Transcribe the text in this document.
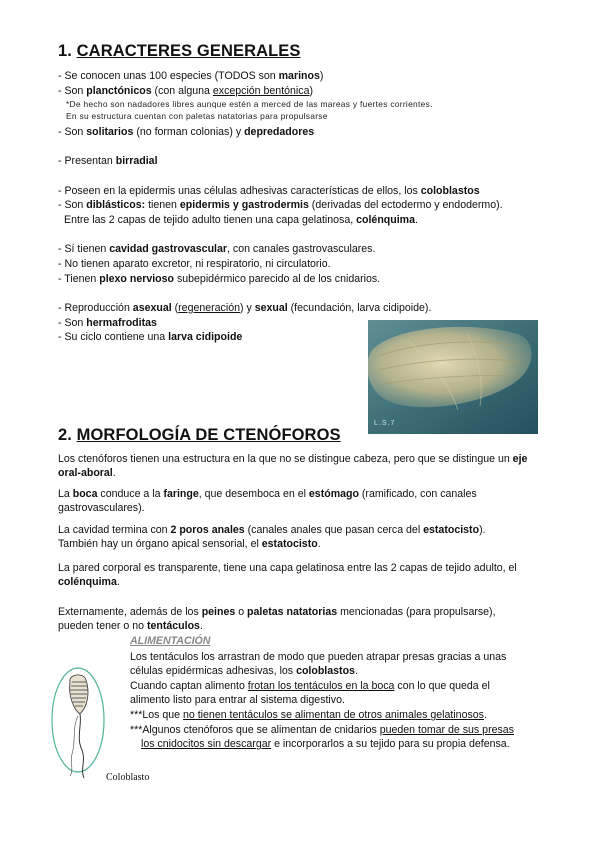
1. CARACTERES GENERALES
- Se conocen unas 100 especies (TODOS son marinos)
- Son planctónicos (con alguna excepción bentónica)
*De hecho son nadadores libres aunque estén a merced de las mareas y fuertes corrientes.
En su estructura cuentan con paletas natatorias para propulsarse
- Son solitarios (no forman colonias) y depredadores
- Presentan birradial
- Poseen en la epidermis unas células adhesivas características de ellos, los coloblastos
- Son diblásticos: tienen epidermis y gastrodermis (derivadas del ectodermo y endodermo).
Entre las 2 capas de tejido adulto tienen una capa gelatinosa, colénquima.
- Sí tienen cavidad gastrovascular, con canales gastrovasculares.
- No tienen aparato excretor, ni respiratorio, ni circulatorio.
- Tienen plexo nervioso subepidérmico parecido al de los cnidarios.
- Reproducción asexual (regeneración) y sexual (fecundación, larva cidipoide).
- Son hermafroditas
- Su ciclo contiene una larva cidipoide
L.S.7
2. MORFOLOGÍA DE CTENÓFOROS
Los ctenóforos tienen una estructura en la que no se distingue cabeza, pero que se distingue un eje oral-aboral.
La boca conduce a la faringe, que desemboca en el estómago (ramificado, con canales gastrovasculares).
La cavidad termina con 2 poros anales (canales anales que pasan cerca del estatocisto).
También hay un órgano apical sensorial, el estatocisto.
La pared corporal es transparente, tiene una capa gelatinosa entre las 2 capas de tejido adulto, el colénquima.
Externamente, además de los peines o paletas natatorias mencionadas (para propulsarse),
pueden tener o no tentáculos.
ALIMENTACIÓN
Los tentáculos los arrastran de modo que pueden atrapar presas gracias a unas
células epidérmicas adhesivas, los coloblastos.
Cuando captan alimento frotan los tentáculos en la boca con lo que queda el
alimento listo para entrar al sistema digestivo.
***Los que no tienen tentáculos se alimentan de otros animales gelatinosos.
***Algunos ctenóforos que se alimentan de cnidarios pueden tomar de sus presas
los cnidocitos sin descargar e incorporarlos a su tejido para su propia defensa.
Coloblasto
